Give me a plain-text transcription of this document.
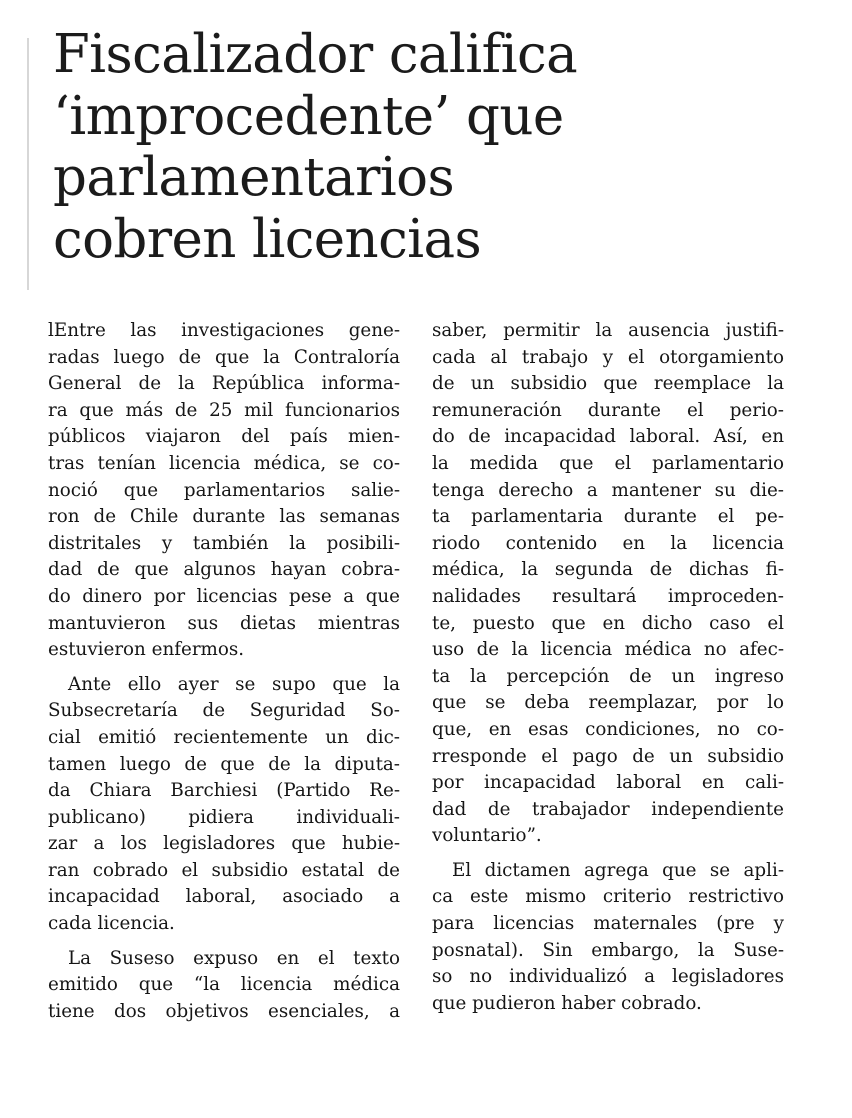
Fiscalizador califica
‘improcedente’ que
parlamentarios
cobren licencias

lEntre las investigaciones gene-
radas luego de que la Contraloría
General de la República informa-
ra que más de 25 mil funcionarios
públicos viajaron del país mien-
tras tenían licencia médica, se co-
noció que parlamentarios salie-
ron de Chile durante las semanas
distritales y también la posibili-
dad de que algunos hayan cobra-
do dinero por licencias pese a que
mantuvieron sus dietas mientras
estuvieron enfermos.

Ante ello ayer se supo que la
Subsecretaría de Seguridad So-
cial emitió recientemente un dic-
tamen luego de que de la diputa-
da Chiara Barchiesi (Partido Re-
publicano) pidiera individuali-
zar a los legisladores que hubie-
ran cobrado el subsidio estatal de
incapacidad laboral, asociado a
cada licencia.

La Suseso expuso en el texto
emitido que “la licencia médica
tiene dos objetivos esenciales, a

saber, permitir la ausencia justifi-
cada al trabajo y el otorgamiento
de un subsidio que reemplace la
remuneración durante el perio-
do de incapacidad laboral. Así, en
la medida que el parlamentario
tenga derecho a mantener su die-
ta parlamentaria durante el pe-
riodo contenido en la licencia
médica, la segunda de dichas fi-
nalidades resultará improceden-
te, puesto que en dicho caso el
uso de la licencia médica no afec-
ta la percepción de un ingreso
que se deba reemplazar, por lo
que, en esas condiciones, no co-
rresponde el pago de un subsidio
por incapacidad laboral en cali-
dad de trabajador independiente
voluntario”.

El dictamen agrega que se apli-
ca este mismo criterio restrictivo
para licencias maternales (pre y
posnatal). Sin embargo, la Suse-
so no individualizó a legisladores
que pudieron haber cobrado.
